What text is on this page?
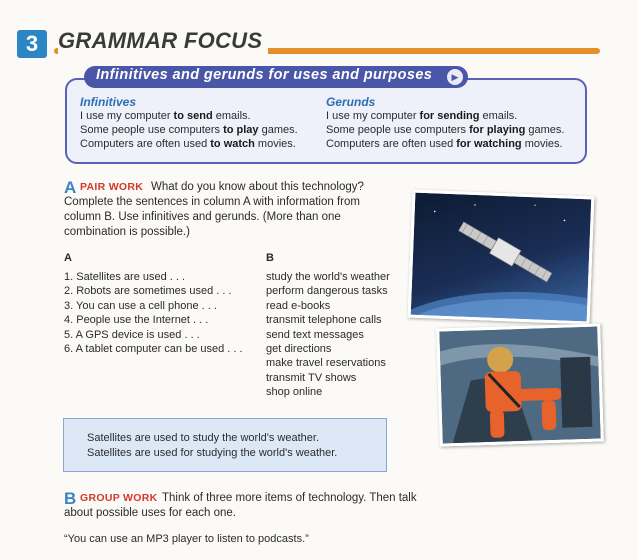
3 GRAMMAR FOCUS
Infinitives and gerunds for uses and purposes	▶
Infinitives
I use my computer to send emails.
Some people use computers to play games.
Computers are often used to watch movies.
Gerunds
I use my computer for sending emails.
Some people use computers for playing games.
Computers are often used for watching movies.
A PAIR WORK What do you know about this technology?
Complete the sentences in column A with information from
column B. Use infinitives and gerunds. (More than one
combination is possible.)
A
1. Satellites are used . . .
2. Robots are sometimes used . . .
3. You can use a cell phone . . .
4. People use the Internet . . .
5. A GPS device is used . . .
6. A tablet computer can be used . . .
B
study the world's weather
perform dangerous tasks
read e-books
transmit telephone calls
send text messages
get directions
make travel reservations
transmit TV shows
shop online
Satellites are used to study the world's weather.
Satellites are used for studying the world's weather.
B GROUP WORK Think of three more items of technology. Then talk
about possible uses for each one.
“You can use an MP3 player to listen to podcasts.”
